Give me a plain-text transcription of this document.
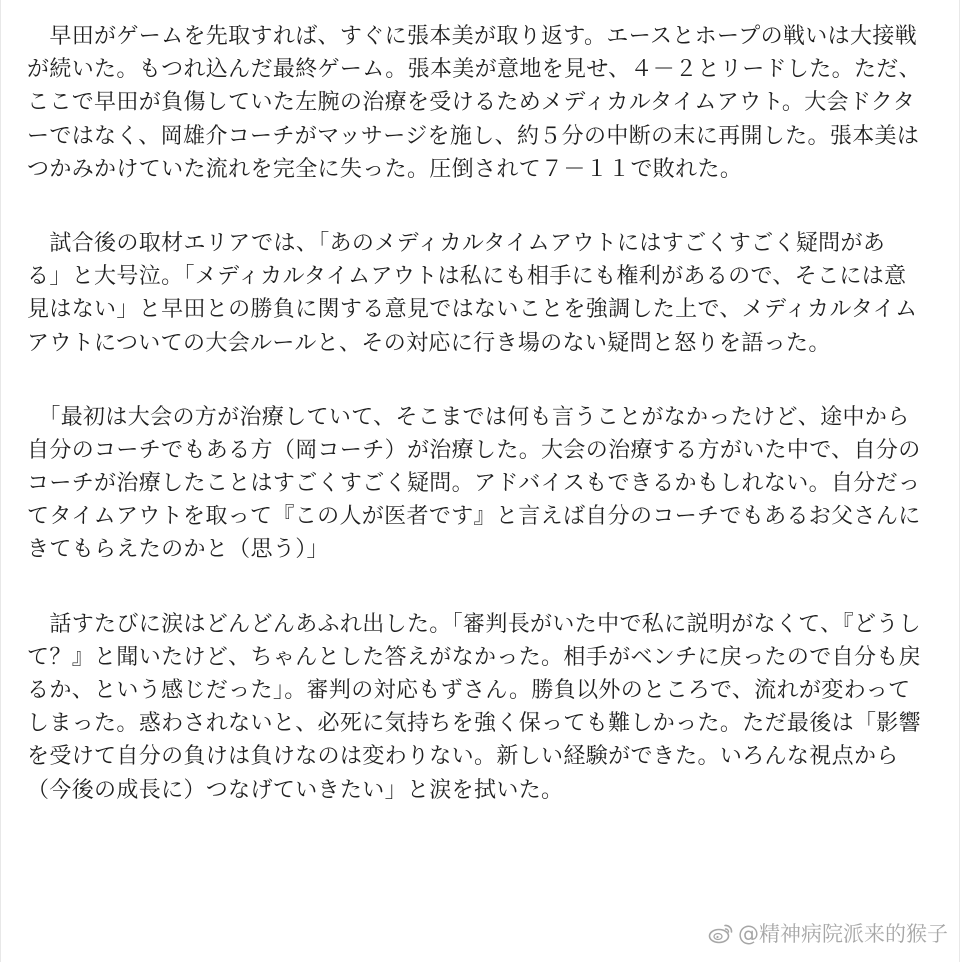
　早田がゲームを先取すれば、すぐに張本美が取り返す。エースとホープの戦いは大接戦
が続いた。もつれ込んだ最終ゲーム。張本美が意地を見せ、４－２とリードした。ただ、
ここで早田が負傷していた左腕の治療を受けるためメディカルタイムアウト。大会ドクタ
ーではなく、岡雄介コーチがマッサージを施し、約５分の中断の末に再開した。張本美は
つかみかけていた流れを完全に失った。圧倒されて７－１１で敗れた。
　試合後の取材エリアでは、「あのメディカルタイムアウトにはすごくすごく疑問があ
る」と大号泣。「メディカルタイムアウトは私にも相手にも権利があるので、そこには意
見はない」と早田との勝負に関する意見ではないことを強調した上で、メディカルタイム
アウトについての大会ルールと、その対応に行き場のない疑問と怒りを語った。
　「最初は大会の方が治療していて、そこまでは何も言うことがなかったけど、途中から
自分のコーチでもある方（岡コーチ）が治療した。大会の治療する方がいた中で、自分の
コーチが治療したことはすごくすごく疑問。アドバイスもできるかもしれない。自分だっ
てタイムアウトを取って『この人が医者です』と言えば自分のコーチでもあるお父さんに
きてもらえたのかと（思う）」
　話すたびに涙はどんどんあふれ出した。「審判長がいた中で私に説明がなくて、『どうし
て？』と聞いたけど、ちゃんとした答えがなかった。相手がベンチに戻ったので自分も戻
るか、という感じだった」。審判の対応もずさん。勝負以外のところで、流れが変わって
しまった。惑わされないと、必死に気持ちを強く保っても難しかった。ただ最後は「影響
を受けて自分の負けは負けなのは変わりない。新しい経験ができた。いろんな視点から
（今後の成長に）つなげていきたい」と涙を拭いた。
@精神病院派来的猴子
